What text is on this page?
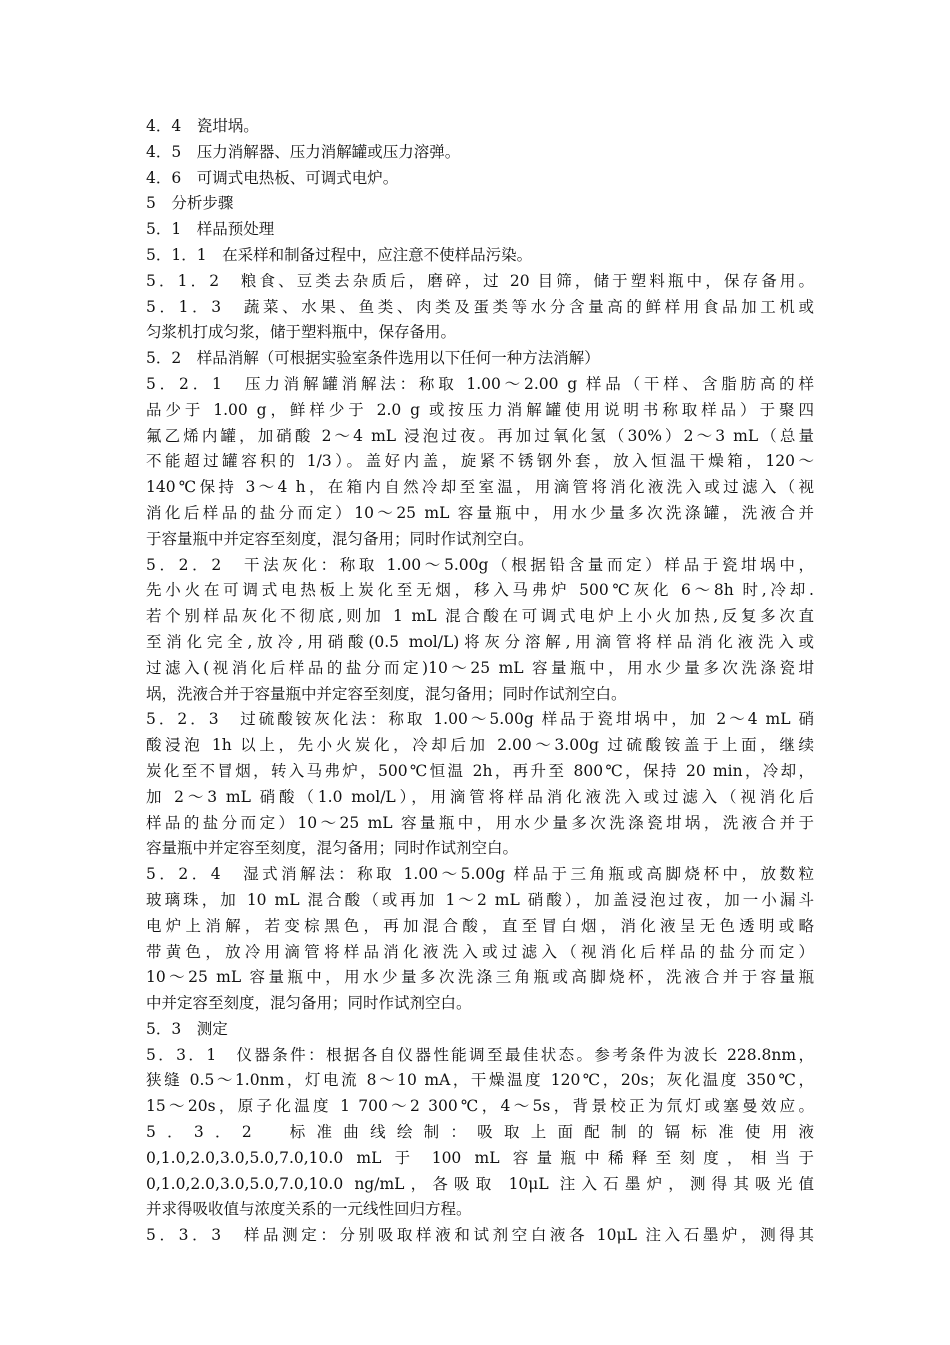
4．4　瓷坩埚。
4．5　压力消解器、压力消解罐或压力溶弹。
4．6　可调式电热板、可调式电炉。
5　分析步骤
5．1　样品预处理
5．1．1　在采样和制备过程中，应注意不使样品污染。
5．1．2　粮食、豆类去杂质后，磨碎，过 20 目筛，储于塑料瓶中，保存备用。
5．1．3　蔬菜、水果、鱼类、肉类及蛋类等水分含量高的鲜样用食品加工机或
匀浆机打成匀浆，储于塑料瓶中，保存备用。
5．2　样品消解（可根据实验室条件选用以下任何一种方法消解）
5．2．1　压力消解罐消解法：称取 1.00～2.00 g 样品（干样、含脂肪高的样
品少于 1.00 g，鲜样少于 2.0 g 或按压力消解罐使用说明书称取样品）于聚四
氟乙烯内罐，加硝酸 2～4 mL 浸泡过夜。再加过氧化氢（30%）2～3 mL（总量
不能超过罐容积的 1/3）。盖好内盖，旋紧不锈钢外套，放入恒温干燥箱，120～
140℃保持 3～4 h，在箱内自然冷却至室温，用滴管将消化液洗入或过滤入（视
消化后样品的盐分而定）10～25 mL 容量瓶中，用水少量多次洗涤罐，洗液合并
于容量瓶中并定容至刻度，混匀备用；同时作试剂空白。
5．2．2　干法灰化：称取 1.00～5.00g（根据铅含量而定）样品于瓷坩埚中，
先小火在可调式电热板上炭化至无烟，移入马弗炉 500℃灰化 6～8h 时,冷却.
若个别样品灰化不彻底,则加 1 mL 混合酸在可调式电炉上小火加热,反复多次直
至消化完全,放冷,用硝酸(0.5 mol/L)将灰分溶解,用滴管将样品消化液洗入或
过滤入(视消化后样品的盐分而定)10～25 mL 容量瓶中，用水少量多次洗涤瓷坩
埚，洗液合并于容量瓶中并定容至刻度，混匀备用；同时作试剂空白。
5．2．3　过硫酸铵灰化法：称取 1.00～5.00g 样品于瓷坩埚中，加 2～4 mL 硝
酸浸泡 1h 以上，先小火炭化，冷却后加 2.00～3.00g 过硫酸铵盖于上面，继续
炭化至不冒烟，转入马弗炉，500℃恒温 2h，再升至 800℃，保持 20 min，冷却，
加 2～3 mL 硝酸（1.0 mol/L），用滴管将样品消化液洗入或过滤入（视消化后
样品的盐分而定）10～25 mL 容量瓶中，用水少量多次洗涤瓷坩埚，洗液合并于
容量瓶中并定容至刻度，混匀备用；同时作试剂空白。
5．2．4　湿式消解法：称取 1.00～5.00g 样品于三角瓶或高脚烧杯中，放数粒
玻璃珠，加 10 mL 混合酸（或再加 1～2 mL 硝酸），加盖浸泡过夜，加一小漏斗
电炉上消解，若变棕黑色，再加混合酸，直至冒白烟，消化液呈无色透明或略
带黄色，放冷用滴管将样品消化液洗入或过滤入（视消化后样品的盐分而定）
10～25 mL 容量瓶中，用水少量多次洗涤三角瓶或高脚烧杯，洗液合并于容量瓶
中并定容至刻度，混匀备用；同时作试剂空白。
5．3　测定
5．3．1　仪器条件：根据各自仪器性能调至最佳状态。参考条件为波长 228.8nm，
狭缝 0.5～1.0nm，灯电流 8～10 mA，干燥温度 120℃，20s；灰化温度 350℃，
15～20s，原子化温度 1 700～2 300℃，4～5s，背景校正为氘灯或塞曼效应。
5．3．2　标准曲线绘制：吸取上面配制的镉标准使用液
0,1.0,2.0,3.0,5.0,7.0,10.0 mL 于 100 mL 容量瓶中稀释至刻度，相当于
0,1.0,2.0,3.0,5.0,7.0,10.0 ng/mL，各吸取 10μL 注入石墨炉，测得其吸光值
并求得吸收值与浓度关系的一元线性回归方程。
5．3．3　样品测定：分别吸取样液和试剂空白液各 10μL 注入石墨炉，测得其
